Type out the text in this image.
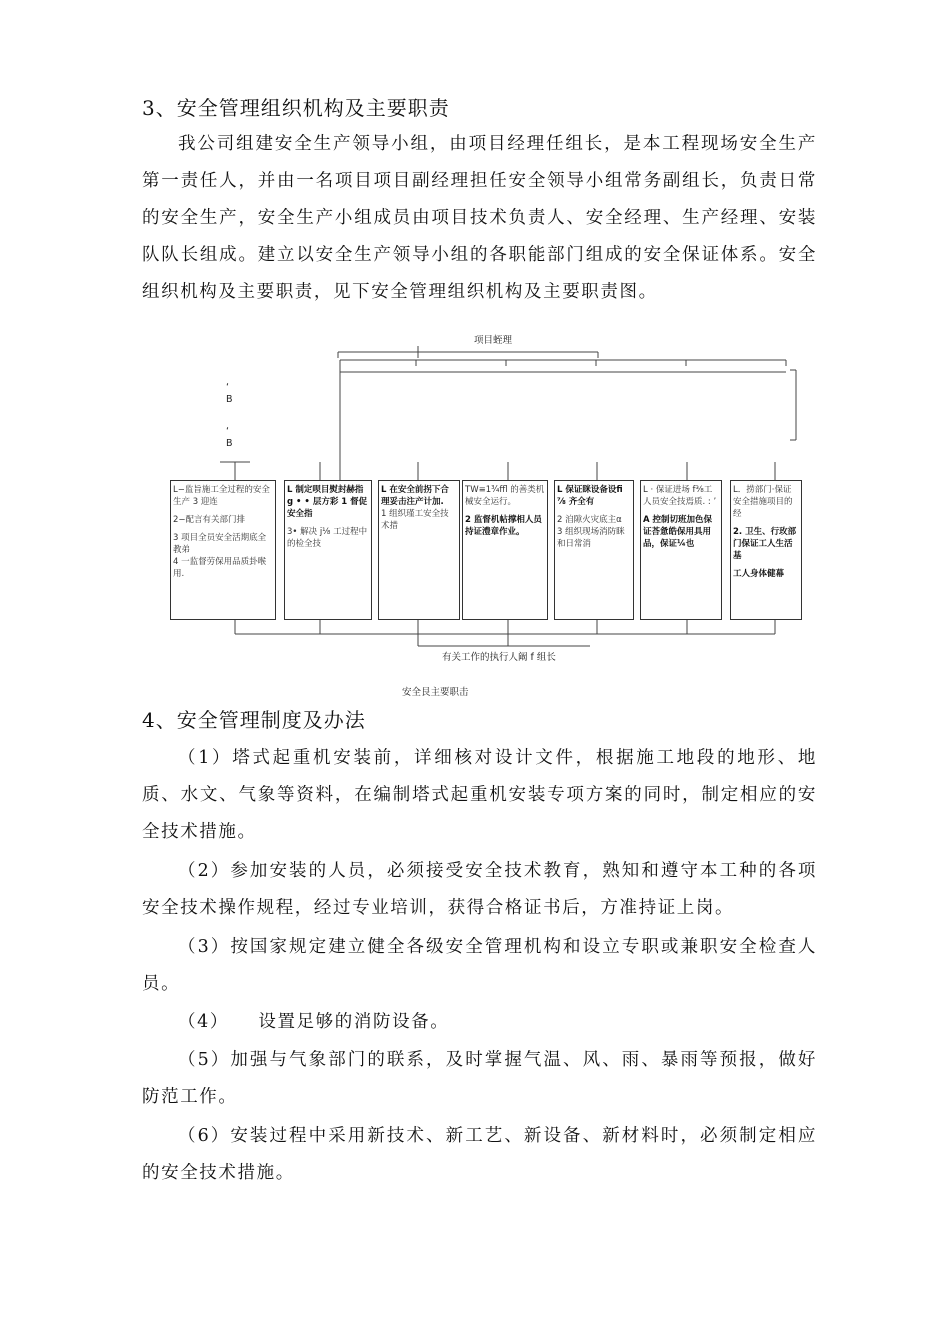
3、安全管理组织机构及主要职责

我公司组建安全生产领导小组，由项目经理任组长，是本工程现场安全生产第一责任人，并由一名项目项目副经理担任安全领导小组常务副组长，负责日常的安全生产，安全生产小组成员由项目技术负责人、安全经理、生产经理、安装队队长组成。建立以安全生产领导小组的各职能部门组成的安全保证体系。安全组织机构及主要职责，见下安全管理组织机构及主要职责图。

项目蛭理
‘
B
‘
B
L−监旨施工全过程的安全生产 3 迎连
2−配言有关部门排
3 项目全员安全活期底全教弟
4 一监督劳保用品质卦喉用.
L 制定呗目熨封赫指 g • • 层方彩 1 督促安全指
3• 解决 j⅛ 工过程中的检全技
L 在安全前拐下合理妥击注产计加.
1 组织瑾工安全技术措
TW≡1¾ffl 的善类机械安全运行。
2 监督机帖撑相人员持证澧章作业。
L 保证眯设备设fi⅞ 齐全有
2 洎隙火灾底主α
3 组织现场消防眯和日常消
L · 保证进场 f⅜工人员安全技焉质. : ’
A 控制切班加色保证荅惫皓保用具用品，保证¼也
L．捞部门·保证安全措施项目的经
2. 卫生、行玫部门保证工人生活基
工人身体健幕
有关工作的执行人阚 f 组长
安全艮主要职击
4、安全管理制度及办法

（1）塔式起重机安装前，详细核对设计文件，根据施工地段的地形、地质、水文、气象等资料，在编制塔式起重机安装专项方案的同时，制定相应的安全技术措施。

（2）参加安装的人员，必须接受安全技术教育，熟知和遵守本工种的各项安全技术操作规程，经过专业培训，获得合格证书后，方准持证上岗。

（3）按国家规定建立健全各级安全管理机构和设立专职或兼职安全检查人员。

（4）　　设置足够的消防设备。

（5）加强与气象部门的联系，及时掌握气温、风、雨、暴雨等预报，做好防范工作。

（6）安装过程中采用新技术、新工艺、新设备、新材料时，必须制定相应的安全技术措施。
